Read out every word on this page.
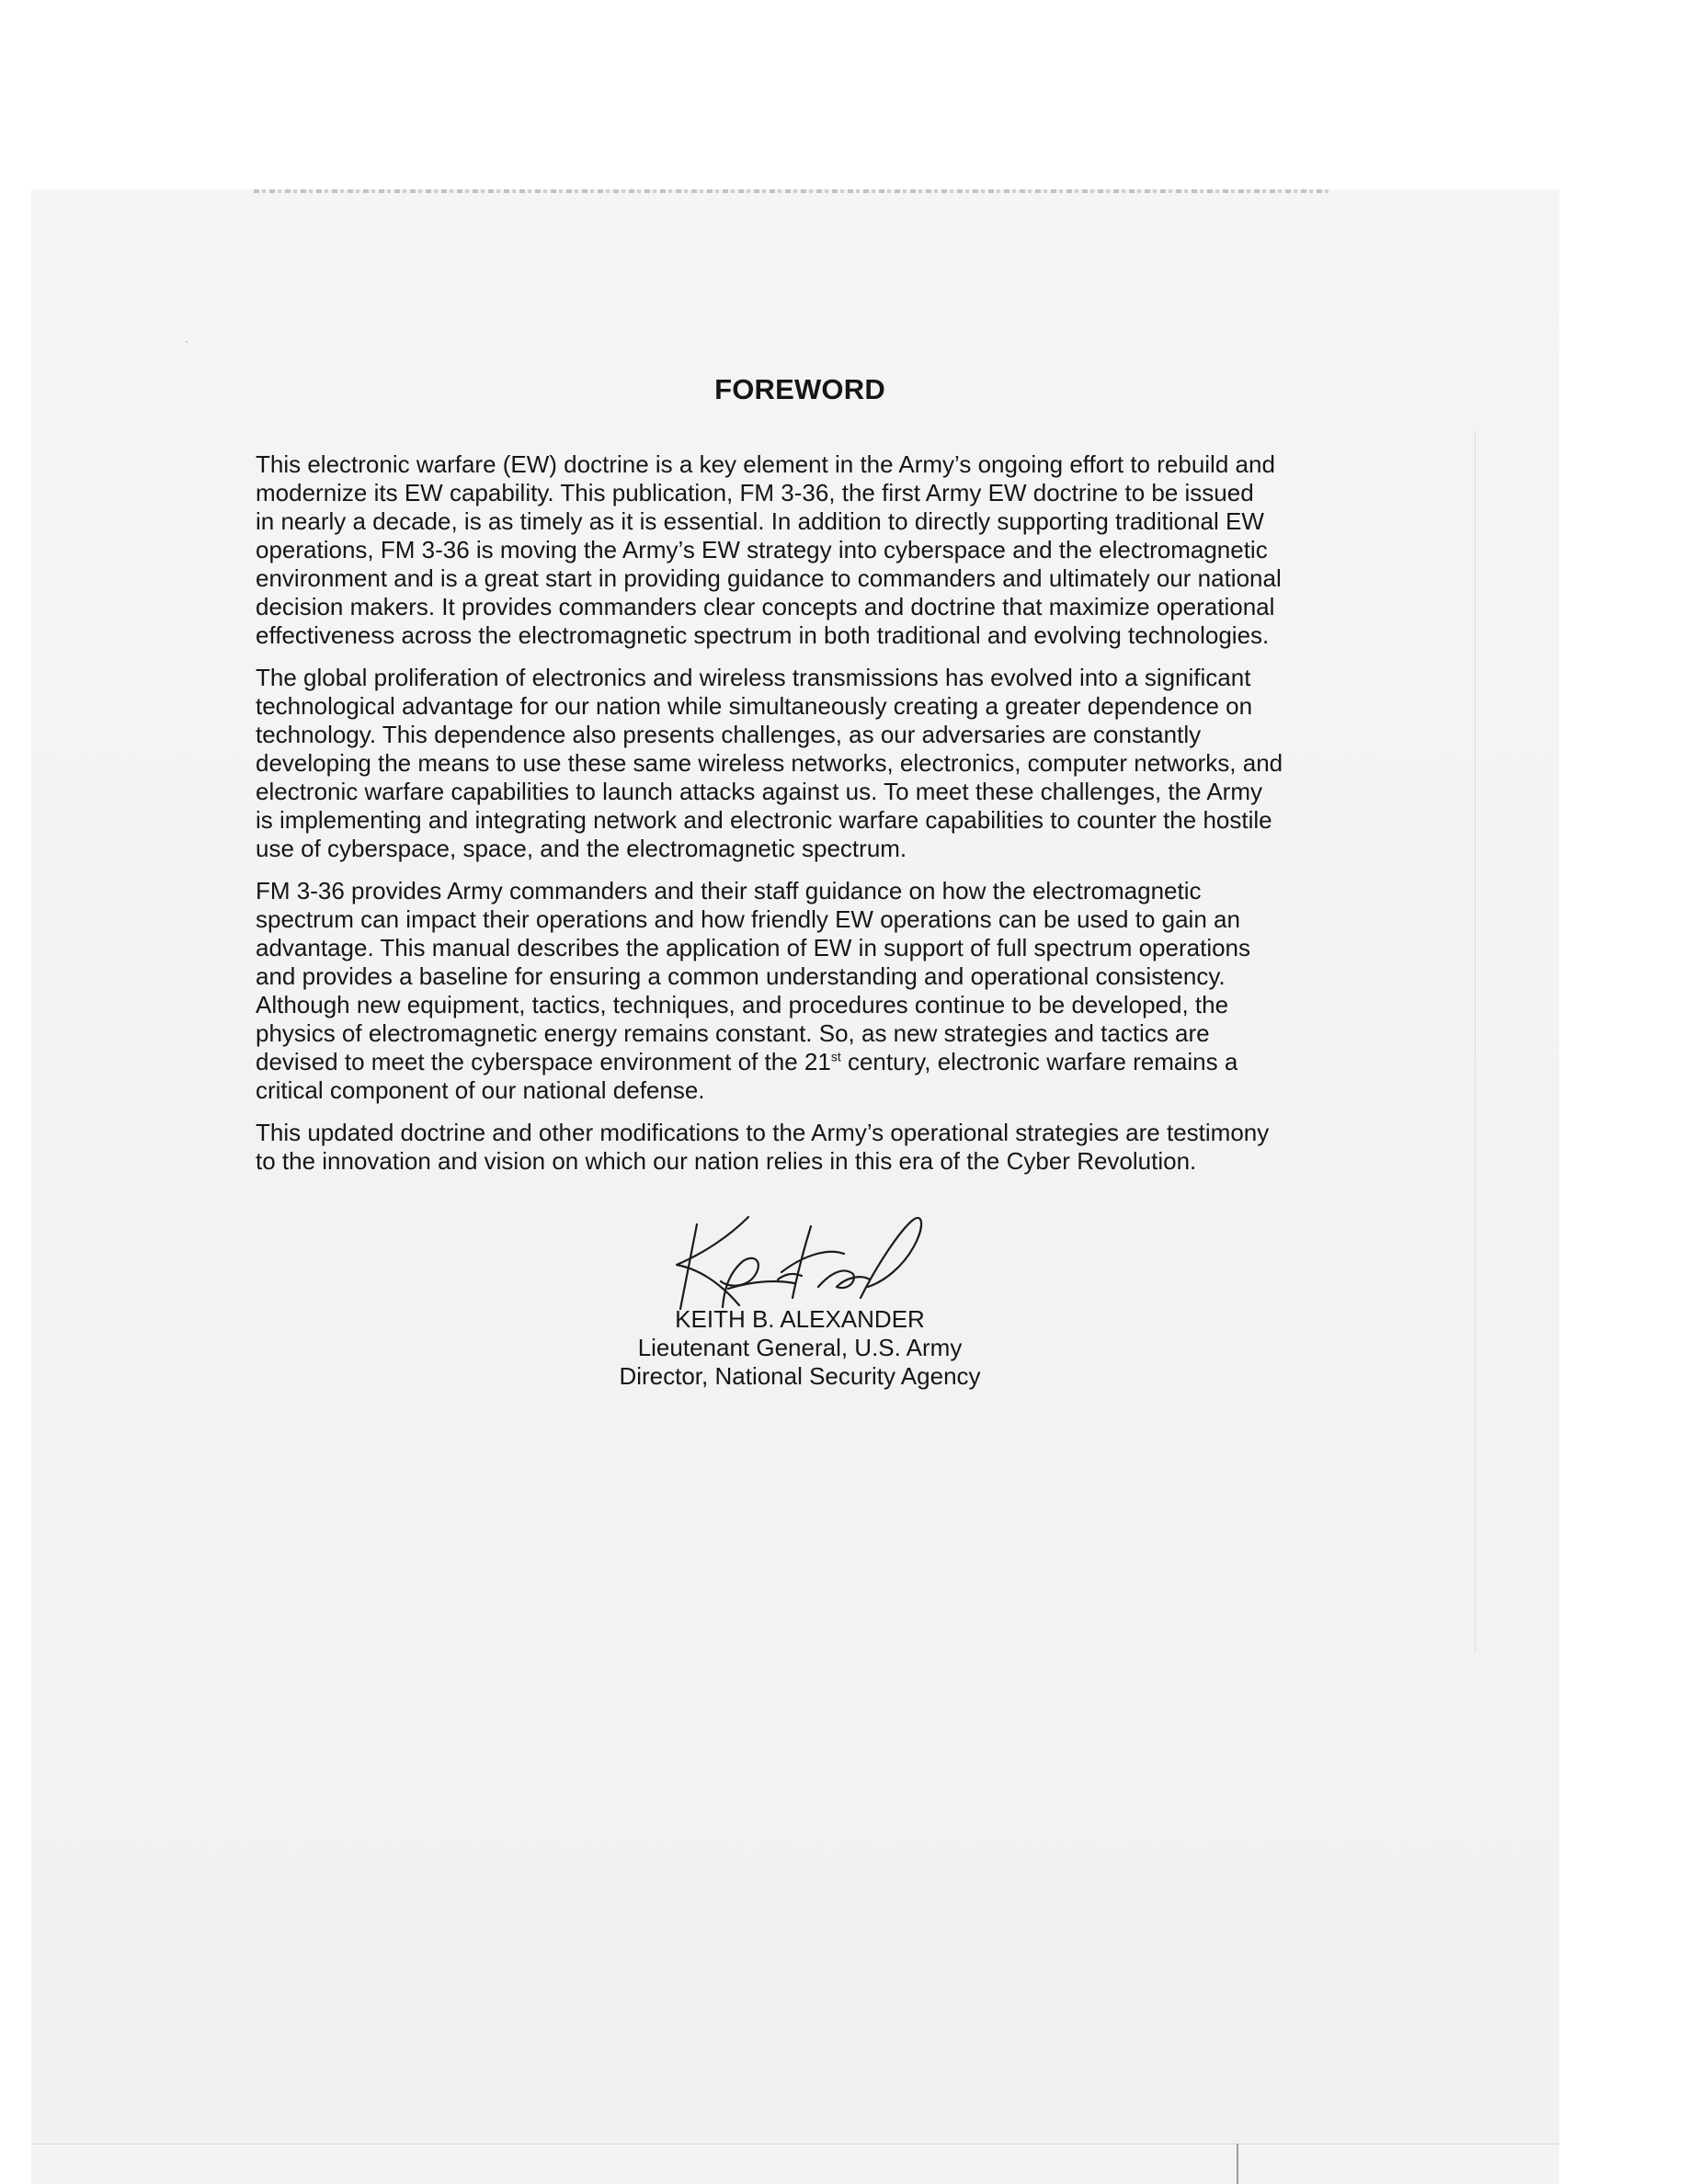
FOREWORD

This electronic warfare (EW) doctrine is a key element in the Army’s ongoing effort to rebuild and
modernize its EW capability. This publication, FM 3-36, the first Army EW doctrine to be issued
in nearly a decade, is as timely as it is essential. In addition to directly supporting traditional EW
operations, FM 3-36 is moving the Army’s EW strategy into cyberspace and the electromagnetic
environment and is a great start in providing guidance to commanders and ultimately our national
decision makers. It provides commanders clear concepts and doctrine that maximize operational
effectiveness across the electromagnetic spectrum in both traditional and evolving technologies.

The global proliferation of electronics and wireless transmissions has evolved into a significant
technological advantage for our nation while simultaneously creating a greater dependence on
technology. This dependence also presents challenges, as our adversaries are constantly
developing the means to use these same wireless networks, electronics, computer networks, and
electronic warfare capabilities to launch attacks against us. To meet these challenges, the Army
is implementing and integrating network and electronic warfare capabilities to counter the hostile
use of cyberspace, space, and the electromagnetic spectrum.

FM 3-36 provides Army commanders and their staff guidance on how the electromagnetic
spectrum can impact their operations and how friendly EW operations can be used to gain an
advantage. This manual describes the application of EW in support of full spectrum operations
and provides a baseline for ensuring a common understanding and operational consistency.
Although new equipment, tactics, techniques, and procedures continue to be developed, the
physics of electromagnetic energy remains constant. So, as new strategies and tactics are
devised to meet the cyberspace environment of the 21st century, electronic warfare remains a
critical component of our national defense.

This updated doctrine and other modifications to the Army’s operational strategies are testimony
to the innovation and vision on which our nation relies in this era of the Cyber Revolution.

KEITH B. ALEXANDER
Lieutenant General, U.S. Army
Director, National Security Agency
